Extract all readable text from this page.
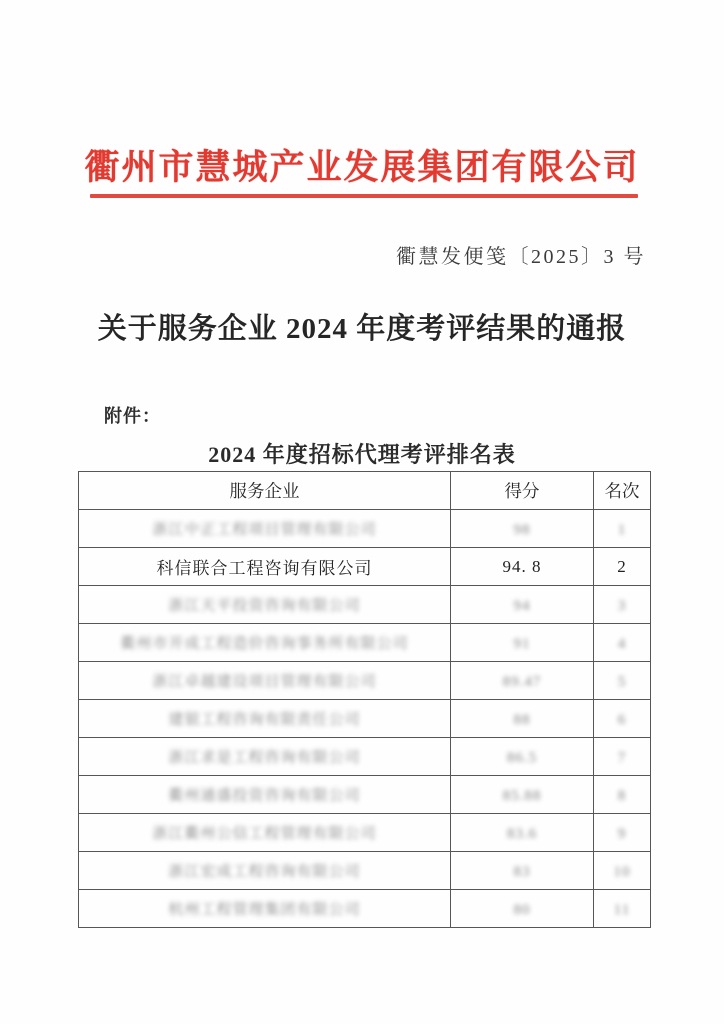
衢州市慧城产业发展集团有限公司
衢慧发便笺〔2025〕3 号
关于服务企业 2024 年度考评结果的通报
附件：
2024 年度招标代理考评排名表
服务企业	得分	名次
浙江中正工程项目管理有限公司	98	1
科信联合工程咨询有限公司	94. 8	2
浙江天平投资咨询有限公司	94	3
衢州市开成工程造价咨询事务所有限公司	91	4
浙江卓越建设项目管理有限公司	89.47	5
建银工程咨询有限责任公司	88	6
浙江求是工程咨询有限公司	86.5	7
衢州通盛投资咨询有限公司	85.88	8
浙江衢州公信工程管理有限公司	83.6	9
浙江宏成工程咨询有限公司	83	10
杭州工程管理集团有限公司	80	11
